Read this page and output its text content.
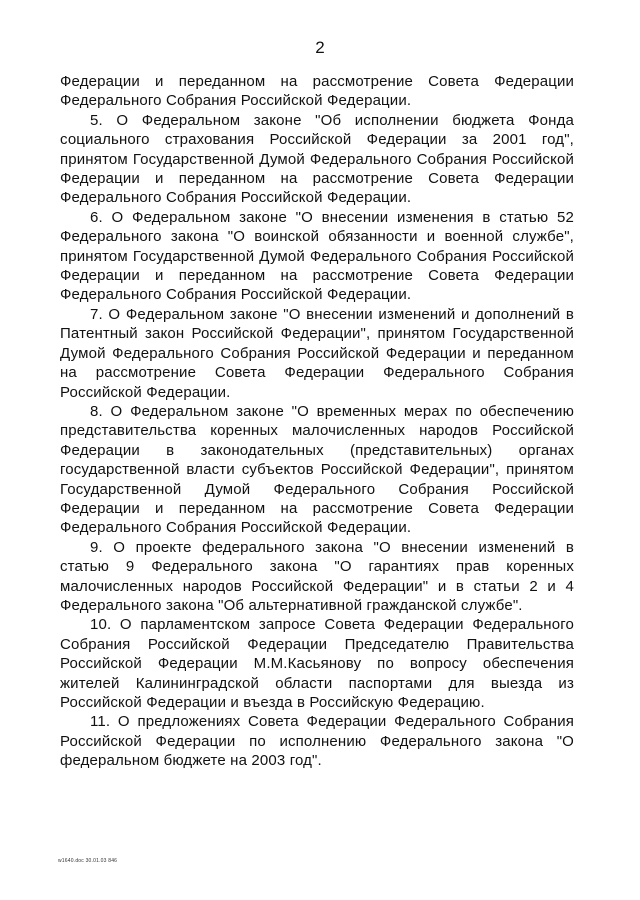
2

Федерации и переданном на рассмотрение Совета Федерации Федерального Собрания Российской Федерации.

5. О Федеральном законе "Об исполнении бюджета Фонда социального страхования Российской Федерации за 2001 год", принятом Государственной Думой Федерального Собрания Российской Федерации и переданном на рассмотрение Совета Федерации Федерального Собрания Российской Федерации.

6. О Федеральном законе "О внесении изменения в статью 52 Федерального закона "О воинской обязанности и военной службе", принятом Государственной Думой Федерального Собрания Российской Федерации и переданном на рассмотрение Совета Федерации Федерального Собрания Российской Федерации.

7. О Федеральном законе "О внесении изменений и дополнений в Патентный закон Российской Федерации", принятом Государственной Думой Федерального Собрания Российской Федерации и переданном на рассмотрение Совета Федерации Федерального Собрания Российской Федерации.

8. О Федеральном законе "О временных мерах по обеспечению представительства коренных малочисленных народов Российской Федерации в законодательных (представительных) органах государственной власти субъектов Российской Федерации", принятом Государственной Думой Федерального Собрания Российской Федерации и переданном на рассмотрение Совета Федерации Федерального Собрания Российской Федерации.

9. О проекте федерального закона "О внесении изменений в статью 9 Федерального закона "О гарантиях прав коренных малочисленных народов Российской Федерации" и в статьи 2 и 4 Федерального закона "Об альтернативной гражданской службе".

10. О парламентском запросе Совета Федерации Федерального Собрания Российской Федерации Председателю Правительства Российской Федерации М.М.Касьянову по вопросу обеспечения жителей Калининградской области паспортами для выезда из Российской Федерации и въезда в Российскую Федерацию.

11. О предложениях Совета Федерации Федерального Собрания Российской Федерации по исполнению Федерального закона "О федеральном бюджете на 2003 год".

w1640.doc 30.01.03 846
